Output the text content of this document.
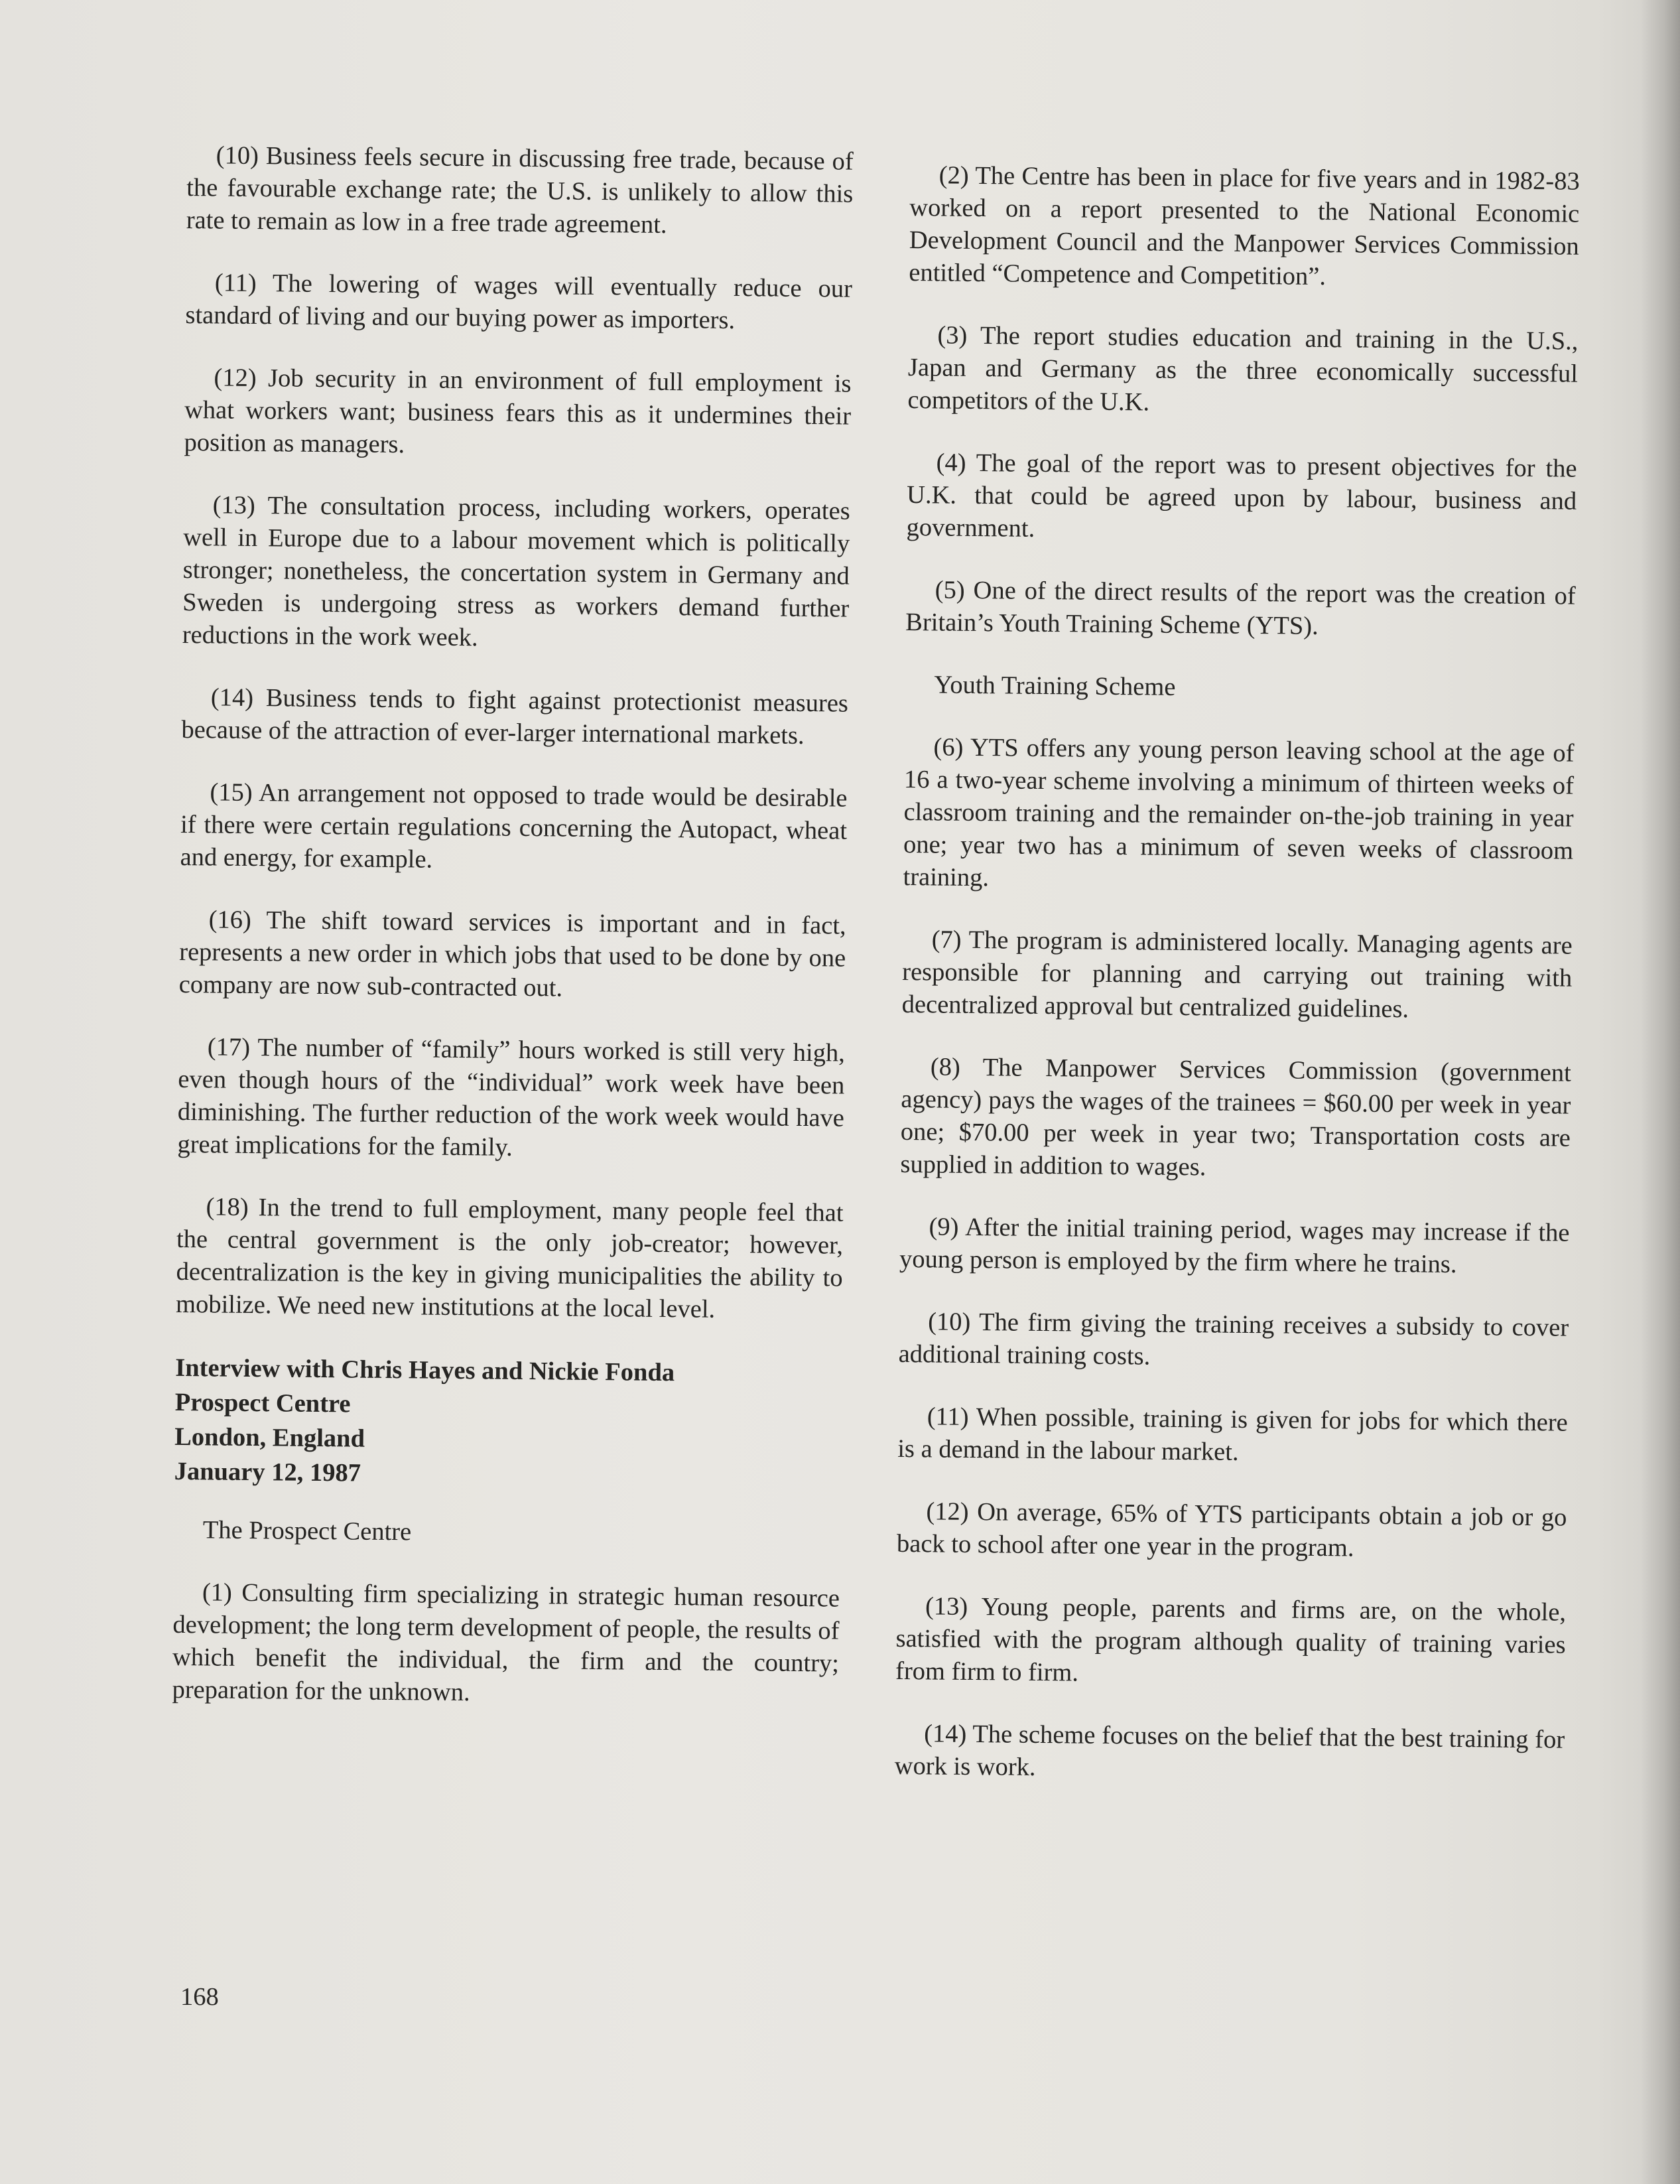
(10) Business feels secure in discussing free trade, because of the favourable exchange rate; the U.S. is unlikely to allow this rate to remain as low in a free trade agreement.

(11) The lowering of wages will eventually reduce our standard of living and our buying power as importers.

(12) Job security in an environment of full employment is what workers want; business fears this as it undermines their position as managers.

(13) The consultation process, including workers, operates well in Europe due to a labour movement which is politically stronger; nonetheless, the concertation system in Germany and Sweden is undergoing stress as workers demand further reductions in the work week.

(14) Business tends to fight against protectionist measures because of the attraction of ever-larger international markets.

(15) An arrangement not opposed to trade would be desirable if there were certain regulations concerning the Autopact, wheat and energy, for example.

(16) The shift toward services is important and in fact, represents a new order in which jobs that used to be done by one company are now sub-contracted out.

(17) The number of “family” hours worked is still very high, even though hours of the “individual” work week have been diminishing. The further reduction of the work week would have great implications for the family.

(18) In the trend to full employment, many people feel that the central government is the only job-creator; however, decentralization is the key in giving municipalities the ability to mobilize. We need new institutions at the local level.

Interview with Chris Hayes and Nickie Fonda
Prospect Centre
London, England
January 12, 1987

The Prospect Centre

(1) Consulting firm specializing in strategic human resource development; the long term development of people, the results of which benefit the individual, the firm and the country; preparation for the unknown.

(2) The Centre has been in place for five years and in 1982-83 worked on a report presented to the National Economic Development Council and the Manpower Services Commission entitled “Competence and Competition”.

(3) The report studies education and training in the U.S., Japan and Germany as the three economically successful competitors of the U.K.

(4) The goal of the report was to present objectives for the U.K. that could be agreed upon by labour, business and government.

(5) One of the direct results of the report was the creation of Britain’s Youth Training Scheme (YTS).

Youth Training Scheme

(6) YTS offers any young person leaving school at the age of 16 a two-year scheme involving a minimum of thirteen weeks of classroom training and the remainder on-the-job training in year one; year two has a minimum of seven weeks of classroom training.

(7) The program is administered locally. Managing agents are responsible for planning and carrying out training with decentralized approval but centralized guidelines.

(8) The Manpower Services Commission (government agency) pays the wages of the trainees = $60.00 per week in year one; $70.00 per week in year two; Transportation costs are supplied in addition to wages.

(9) After the initial training period, wages may increase if the young person is employed by the firm where he trains.

(10) The firm giving the training receives a subsidy to cover additional training costs.

(11) When possible, training is given for jobs for which there is a demand in the labour market.

(12) On average, 65% of YTS participants obtain a job or go back to school after one year in the program.

(13) Young people, parents and firms are, on the whole, satisfied with the program although quality of training varies from firm to firm.

(14) The scheme focuses on the belief that the best training for work is work.

168
